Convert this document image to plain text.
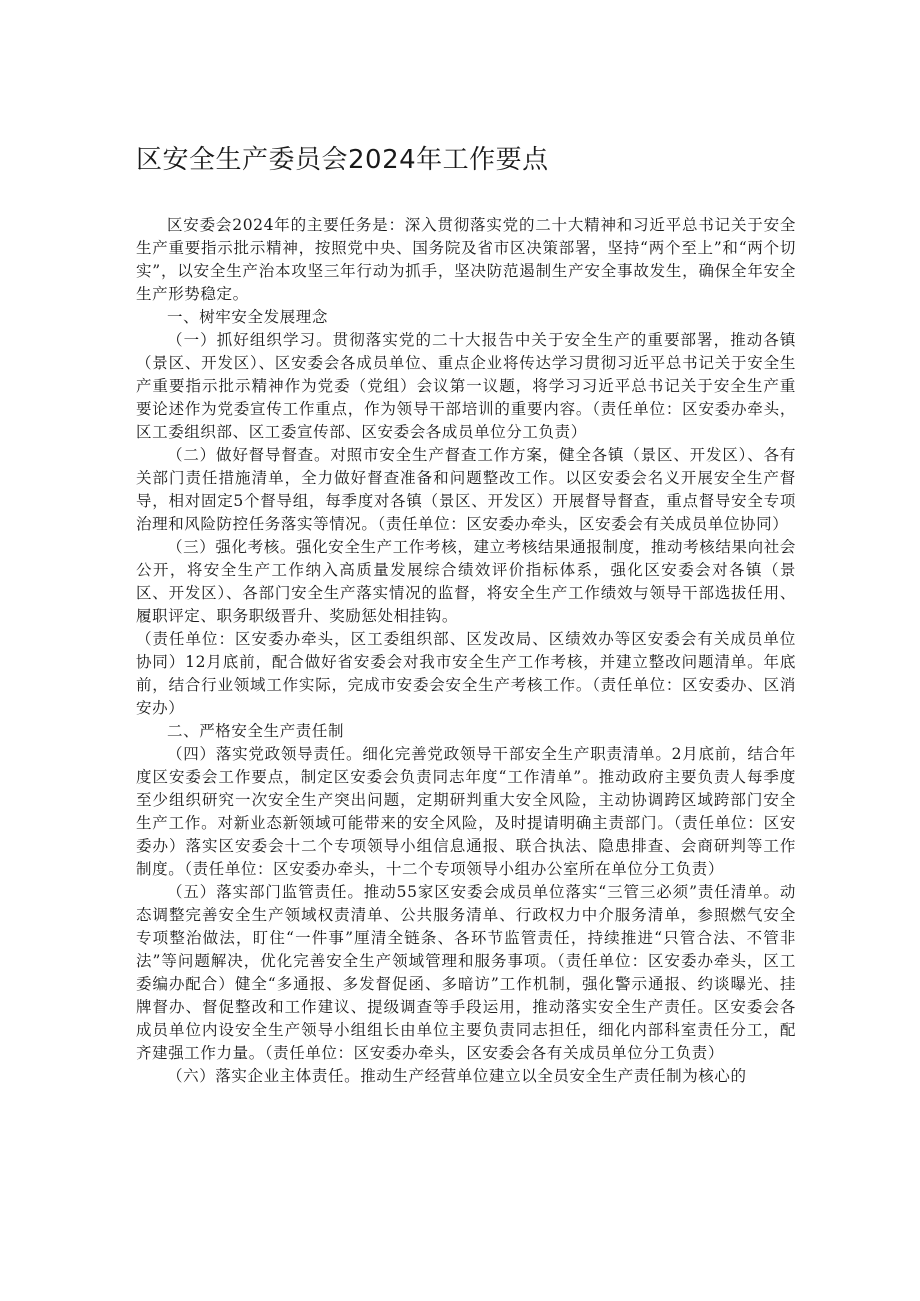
区安全生产委员会2024年工作要点

区安委会2024年的主要任务是：深入贯彻落实党的二十大精神和习近平总书记关于安全生产重要指示批示精神，按照党中央、国务院及省市区决策部署，坚持“两个至上”和“两个切实”，以安全生产治本攻坚三年行动为抓手，坚决防范遏制生产安全事故发生，确保全年安全生产形势稳定。

一、树牢安全发展理念

（一）抓好组织学习。贯彻落实党的二十大报告中关于安全生产的重要部署，推动各镇（景区、开发区）、区安委会各成员单位、重点企业将传达学习贯彻习近平总书记关于安全生产重要指示批示精神作为党委（党组）会议第一议题，将学习习近平总书记关于安全生产重要论述作为党委宣传工作重点，作为领导干部培训的重要内容。（责任单位：区安委办牵头，区工委组织部、区工委宣传部、区安委会各成员单位分工负责）

（二）做好督导督查。对照市安全生产督查工作方案，健全各镇（景区、开发区）、各有关部门责任措施清单，全力做好督查准备和问题整改工作。以区安委会名义开展安全生产督导，相对固定5个督导组，每季度对各镇（景区、开发区）开展督导督查，重点督导安全专项治理和风险防控任务落实等情况。（责任单位：区安委办牵头，区安委会有关成员单位协同）

（三）强化考核。强化安全生产工作考核，建立考核结果通报制度，推动考核结果向社会公开，将安全生产工作纳入高质量发展综合绩效评价指标体系，强化区安委会对各镇（景区、开发区）、各部门安全生产落实情况的监督，将安全生产工作绩效与领导干部选拔任用、履职评定、职务职级晋升、奖励惩处相挂钩。

（责任单位：区安委办牵头，区工委组织部、区发改局、区绩效办等区安委会有关成员单位协同）12月底前，配合做好省安委会对我市安全生产工作考核，并建立整改问题清单。年底前，结合行业领域工作实际，完成市安委会安全生产考核工作。（责任单位：区安委办、区消安办）

二、严格安全生产责任制

（四）落实党政领导责任。细化完善党政领导干部安全生产职责清单。2月底前，结合年度区安委会工作要点，制定区安委会负责同志年度“工作清单”。推动政府主要负责人每季度至少组织研究一次安全生产突出问题，定期研判重大安全风险，主动协调跨区域跨部门安全生产工作。对新业态新领域可能带来的安全风险，及时提请明确主责部门。（责任单位：区安委办）落实区安委会十二个专项领导小组信息通报、联合执法、隐患排查、会商研判等工作制度。（责任单位：区安委办牵头，十二个专项领导小组办公室所在单位分工负责）

（五）落实部门监管责任。推动55家区安委会成员单位落实“三管三必须”责任清单。动态调整完善安全生产领域权责清单、公共服务清单、行政权力中介服务清单，参照燃气安全专项整治做法，盯住“一件事”厘清全链条、各环节监管责任，持续推进“只管合法、不管非法”等问题解决，优化完善安全生产领域管理和服务事项。（责任单位：区安委办牵头，区工委编办配合）健全“多通报、多发督促函、多暗访”工作机制，强化警示通报、约谈曝光、挂牌督办、督促整改和工作建议、提级调查等手段运用，推动落实安全生产责任。区安委会各成员单位内设安全生产领导小组组长由单位主要负责同志担任，细化内部科室责任分工，配齐建强工作力量。（责任单位：区安委办牵头，区安委会各有关成员单位分工负责）

（六）落实企业主体责任。推动生产经营单位建立以全员安全生产责任制为核心的
